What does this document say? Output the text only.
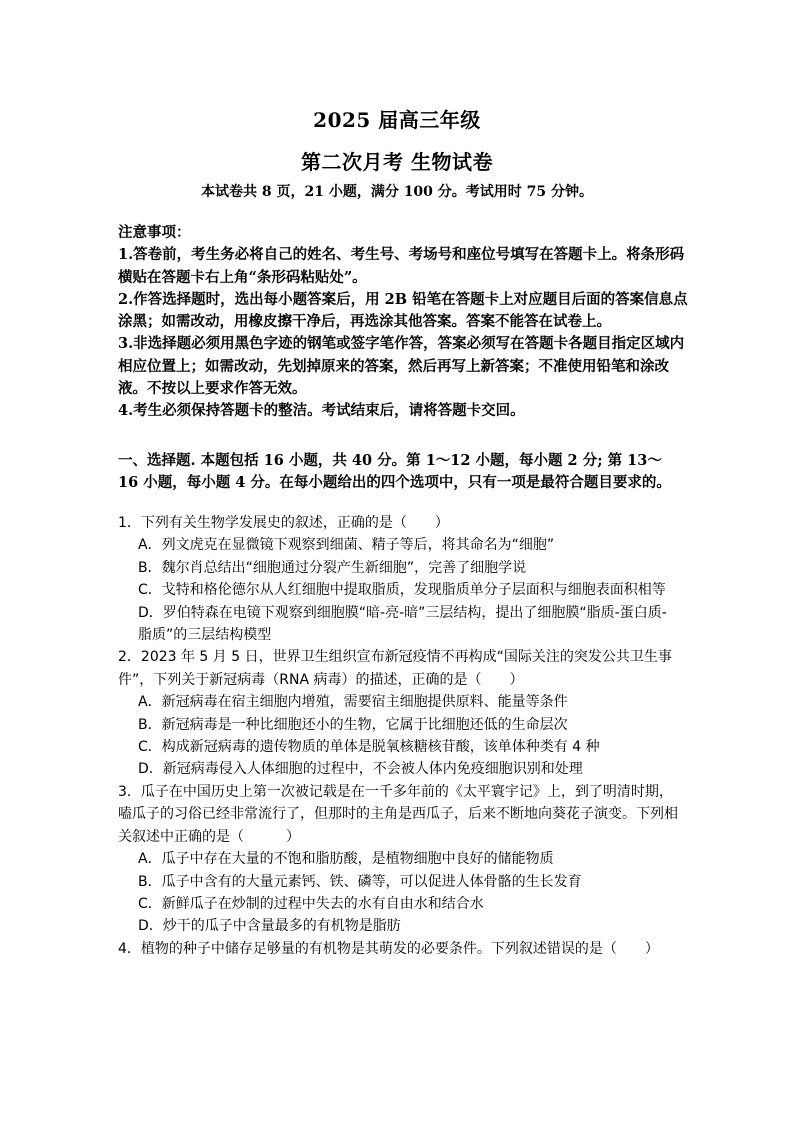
2025 届高三年级
第二次月考 生物试卷
本试卷共 8 页，21 小题，满分 100 分。考试用时 75 分钟。

注意事项：

1.答卷前，考生务必将自己的姓名、考生号、考场号和座位号填写在答题卡上。将条形码横贴在答题卡右上角“条形码粘贴处”。

2.作答选择题时，选出每小题答案后，用 2B 铅笔在答题卡上对应题目后面的答案信息点涂黑；如需改动，用橡皮擦干净后，再选涂其他答案。答案不能答在试卷上。

3.非选择题必须用黑色字迹的钢笔或签字笔作答，答案必须写在答题卡各题目指定区域内相应位置上；如需改动，先划掉原来的答案，然后再写上新答案；不准使用铅笔和涂改液。不按以上要求作答无效。

4.考生必须保持答题卡的整洁。考试结束后，请将答题卡交回。

一、选择题. 本题包括 16 小题，共 40 分。第 1～12 小题，每小题 2 分; 第 13～16 小题，每小题 4 分。在每小题给出的四个选项中，只有一项是最符合题目要求的。

1．下列有关生物学发展史的叙述，正确的是（　　）

A．列文虎克在显微镜下观察到细菌、精子等后，将其命名为“细胞”

B．魏尔肖总结出“细胞通过分裂产生新细胞”，完善了细胞学说

C．戈特和格伦德尔从人红细胞中提取脂质，发现脂质单分子层面积与细胞表面积相等

D．罗伯特森在电镜下观察到细胞膜“暗-亮-暗”三层结构，提出了细胞膜“脂质-蛋白质-脂质”的三层结构模型

2．2023 年 5 月 5 日，世界卫生组织宣布新冠疫情不再构成“国际关注的突发公共卫生事件”，下列关于新冠病毒（RNA 病毒）的描述，正确的是（　　）

A．新冠病毒在宿主细胞内增殖，需要宿主细胞提供原料、能量等条件

B．新冠病毒是一种比细胞还小的生物，它属于比细胞还低的生命层次

C．构成新冠病毒的遗传物质的单体是脱氧核糖核苷酸，该单体种类有 4 种

D．新冠病毒侵入人体细胞的过程中，不会被人体内免疫细胞识别和处理

3．瓜子在中国历史上第一次被记载是在一千多年前的《太平寰宇记》上，到了明清时期，嗑瓜子的习俗已经非常流行了，但那时的主角是西瓜子，后来不断地向葵花子演变。下列相关叙述中正确的是（　　　）

A．瓜子中存在大量的不饱和脂肪酸，是植物细胞中良好的储能物质

B．瓜子中含有的大量元素钙、铁、磷等，可以促进人体骨骼的生长发育

C．新鲜瓜子在炒制的过程中失去的水有自由水和结合水

D．炒干的瓜子中含量最多的有机物是脂肪

4．植物的种子中储存足够量的有机物是其萌发的必要条件。下列叙述错误的是（　　）
